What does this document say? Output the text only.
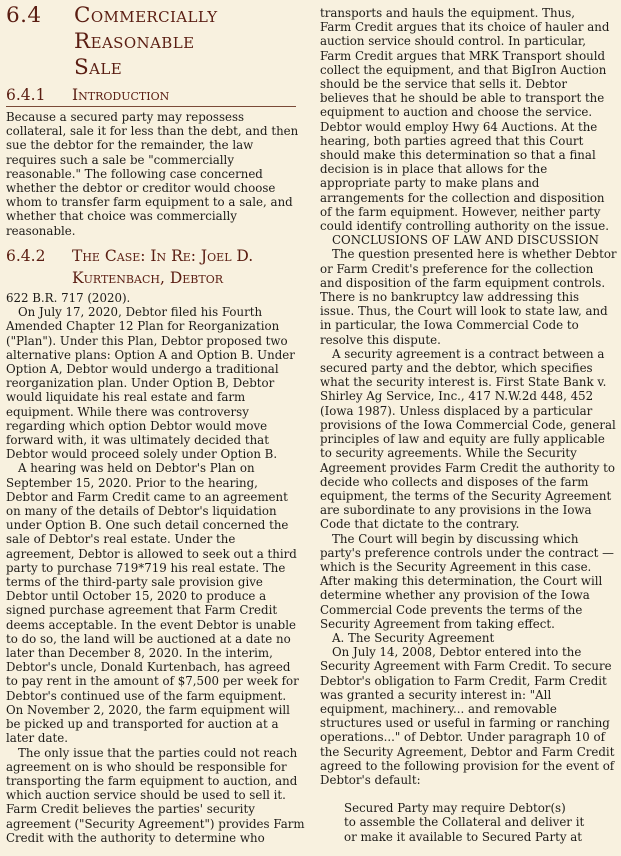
6.4 Commercially
Reasonable
Sale
6.4.1 Introduction
Because a secured party may repossess
collateral, sale it for less than the debt, and then
sue the debtor for the remainder, the law
requires such a sale be "commercially
reasonable." The following case concerned
whether the debtor or creditor would choose
whom to transfer farm equipment to a sale, and
whether that choice was commercially
reasonable.
6.4.2 The Case: In Re: Joel D.
Kurtenbach, Debtor
622 B.R. 717 (2020).
On July 17, 2020, Debtor filed his Fourth
Amended Chapter 12 Plan for Reorganization
("Plan"). Under this Plan, Debtor proposed two
alternative plans: Option A and Option B. Under
Option A, Debtor would undergo a traditional
reorganization plan. Under Option B, Debtor
would liquidate his real estate and farm
equipment. While there was controversy
regarding which option Debtor would move
forward with, it was ultimately decided that
Debtor would proceed solely under Option B.
A hearing was held on Debtor's Plan on
September 15, 2020. Prior to the hearing,
Debtor and Farm Credit came to an agreement
on many of the details of Debtor's liquidation
under Option B. One such detail concerned the
sale of Debtor's real estate. Under the
agreement, Debtor is allowed to seek out a third
party to purchase 719*719 his real estate. The
terms of the third-party sale provision give
Debtor until October 15, 2020 to produce a
signed purchase agreement that Farm Credit
deems acceptable. In the event Debtor is unable
to do so, the land will be auctioned at a date no
later than December 8, 2020. In the interim,
Debtor's uncle, Donald Kurtenbach, has agreed
to pay rent in the amount of $7,500 per week for
Debtor's continued use of the farm equipment.
On November 2, 2020, the farm equipment will
be picked up and transported for auction at a
later date.
The only issue that the parties could not reach
agreement on is who should be responsible for
transporting the farm equipment to auction, and
which auction service should be used to sell it.
Farm Credit believes the parties' security
agreement ("Security Agreement") provides Farm
Credit with the authority to determine who
transports and hauls the equipment. Thus,
Farm Credit argues that its choice of hauler and
auction service should control. In particular,
Farm Credit argues that MRK Transport should
collect the equipment, and that BigIron Auction
should be the service that sells it. Debtor
believes that he should be able to transport the
equipment to auction and choose the service.
Debtor would employ Hwy 64 Auctions. At the
hearing, both parties agreed that this Court
should make this determination so that a final
decision is in place that allows for the
appropriate party to make plans and
arrangements for the collection and disposition
of the farm equipment. However, neither party
could identify controlling authority on the issue.
CONCLUSIONS OF LAW AND DISCUSSION
The question presented here is whether Debtor
or Farm Credit's preference for the collection
and disposition of the farm equipment controls.
There is no bankruptcy law addressing this
issue. Thus, the Court will look to state law, and
in particular, the Iowa Commercial Code to
resolve this dispute.
A security agreement is a contract between a
secured party and the debtor, which specifies
what the security interest is. First State Bank v.
Shirley Ag Service, Inc., 417 N.W.2d 448, 452
(Iowa 1987). Unless displaced by a particular
provisions of the Iowa Commercial Code, general
principles of law and equity are fully applicable
to security agreements. While the Security
Agreement provides Farm Credit the authority to
decide who collects and disposes of the farm
equipment, the terms of the Security Agreement
are subordinate to any provisions in the Iowa
Code that dictate to the contrary.
The Court will begin by discussing which
party's preference controls under the contract —
which is the Security Agreement in this case.
After making this determination, the Court will
determine whether any provision of the Iowa
Commercial Code prevents the terms of the
Security Agreement from taking effect.
A. The Security Agreement
On July 14, 2008, Debtor entered into the
Security Agreement with Farm Credit. To secure
Debtor's obligation to Farm Credit, Farm Credit
was granted a security interest in: "All
equipment, machinery... and removable
structures used or useful in farming or ranching
operations..." of Debtor. Under paragraph 10 of
the Security Agreement, Debtor and Farm Credit
agreed to the following provision for the event of
Debtor's default:

Secured Party may require Debtor(s)
to assemble the Collateral and deliver it
or make it available to Secured Party at
